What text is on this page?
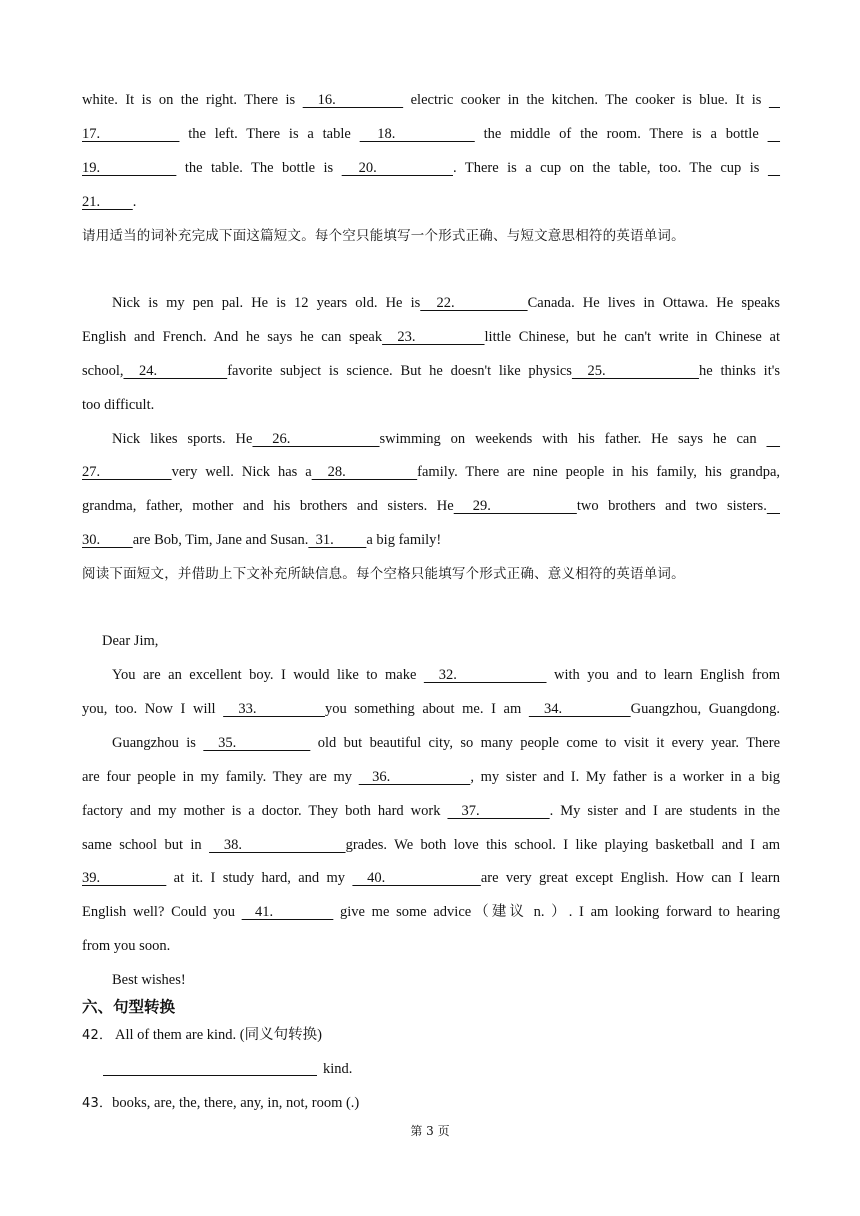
white. It is on the right. There is   16.          electric cooker in the kitchen. The cooker is blue. It is
17.          the left. There is a table   18.          the middle of the room. There is a bottle
19.          the table. The bottle is   20.         . There is a cup on the table, too. The cup is
21.         .
请用适当的词补充完成下面这篇短文。每个空只能填写一个形式正确、与短文意思相符的英语单词。
Nick is my pen pal. He is 12 years old. He is  22.         Canada. He lives in Ottawa. He speaks
English and French. And he says he can speak  23.         little Chinese, but he can't write in Chinese at
school,  24.         favorite subject is science. But he doesn't like physics  25.            he thinks it's
too difficult.
Nick likes sports. He  26.         swimming on weekends with his father. He says he can
27.         very well. Nick has a  28.         family. There are nine people in his family, his grandpa,
grandma, father, mother and his brothers and sisters. He  29.         two brothers and two sisters.
30.         are Bob, Tim, Jane and Susan.  31.         a big family!
阅读下面短文，并借助上下文补充所缺信息。每个空格只能填写个形式正确、意义相符的英语单词。
Dear Jim,
You are an excellent boy. I would like to make   32.             with you and to learn English from
you, too. Now I will   33.         you something about me. I am   34.         Guangzhou, Guangdong.
Guangzhou is   35.           old but beautiful city, so many people come to visit it every year. There
are four people in my family. They are my   36.            , my sister and I. My father is a worker in a big
factory and my mother is a doctor. They both hard work   37.          . My sister and I are students in the
same school but in   38.              grades. We both love this school. I like playing basketball and I am
39.          at it. I study hard, and my   40.             are very great except English. How can I learn
English well? Could you   41.          give me some advice（建议 n. ）. I am looking forward to hearing
from you soon.
Best wishes!
六、句型转换
42． All of them are kind. (同义句转换)
kind.
43．books, are, the, there, any, in, not, room (.)
第 3 页
